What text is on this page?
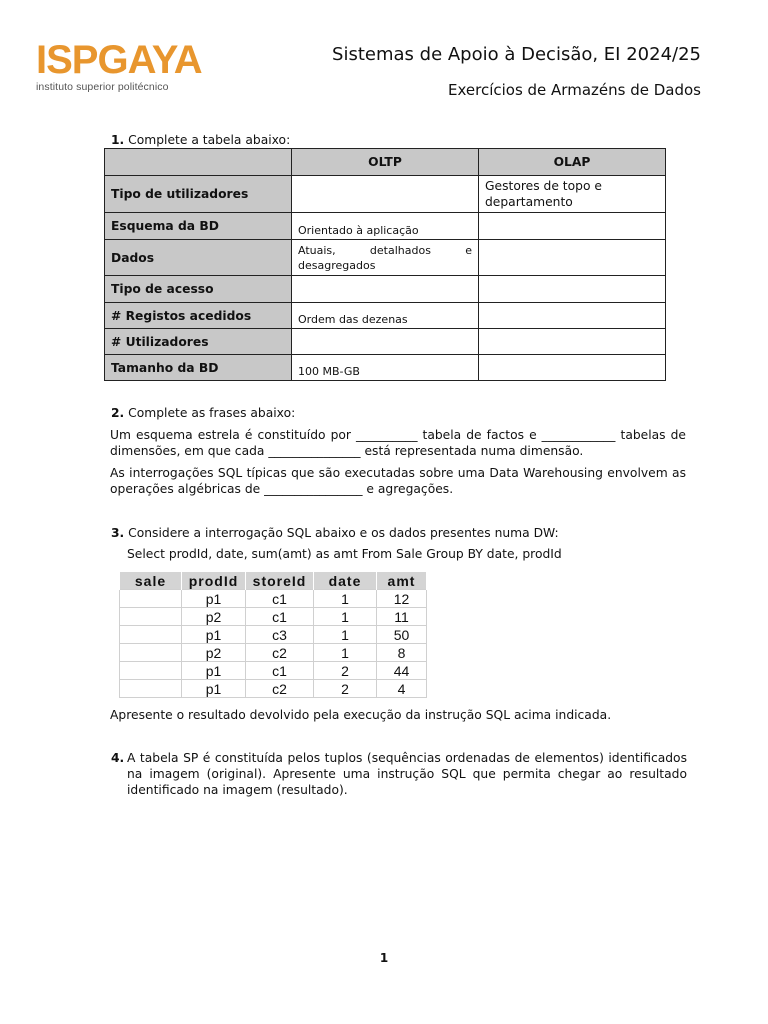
ISPGAYA
instituto superior politécnico
Sistemas de Apoio à Decisão, EI 2024/25
Exercícios de Armazéns de Dados
1. Complete a tabela abaixo:
	OLTP	OLAP
Tipo de utilizadores		Gestores de topo e departamento
Esquema da BD	Orientado à aplicação	
Dados	Atuais, detalhados e desagregados	
Tipo de acesso		
# Registos acedidos	Ordem das dezenas	
# Utilizadores		
Tamanho da BD	100 MB-GB	
2. Complete as frases abaixo:

Um esquema estrela é constituído por __________ tabela de factos e ____________ tabelas de dimensões, em que cada _______________ está representada numa dimensão.

As interrogações SQL típicas que são executadas sobre uma Data Warehousing envolvem as operações algébricas de ________________ e agregações.

3. Considere a interrogação SQL abaixo e os dados presentes numa DW:
Select prodId, date, sum(amt) as amt From Sale Group BY date, prodId
sale	prodId	storeId	date	amt
	p1	c1	1	12
	p2	c1	1	11
	p1	c3	1	50
	p2	c2	1	8
	p1	c1	2	44
	p1	c2	2	4
Apresente o resultado devolvido pela execução da instrução SQL acima indicada.
4. A tabela SP é constituída pelos tuplos (sequências ordenadas de elementos) identificados na imagem (original). Apresente uma instrução SQL que permita chegar ao resultado identificado na imagem (resultado).

1
